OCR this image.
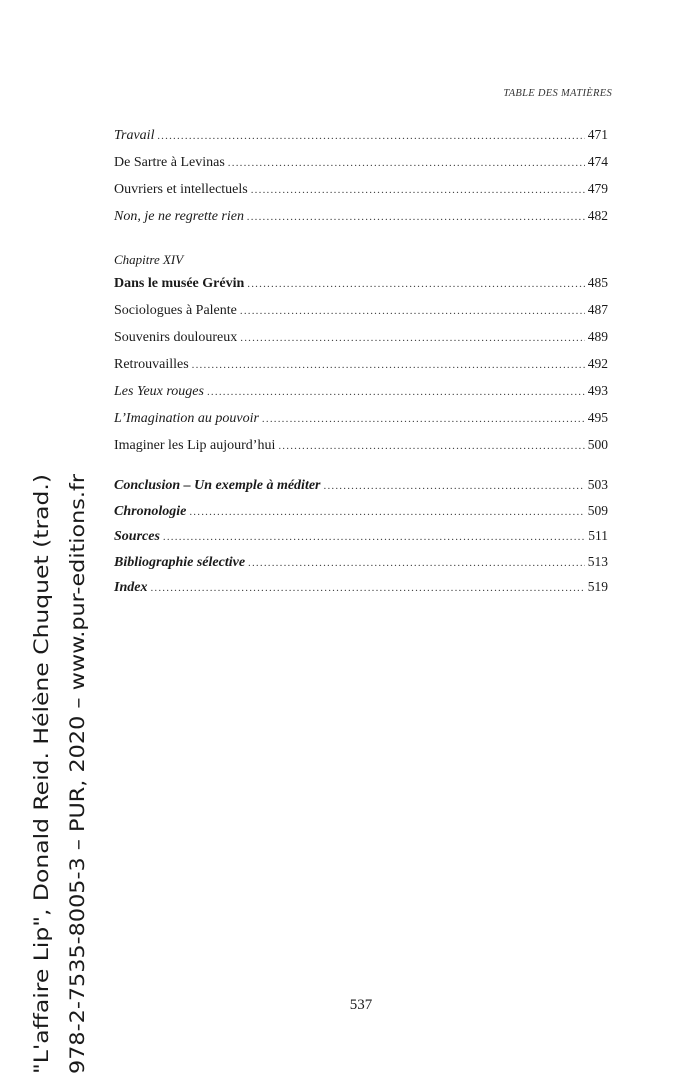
TABLE DES MATIÈRES
Travail .....	471
De Sartre à Levinas .....	474
Ouvriers et intellectuels .....	479
Non, je ne regrette rien .....	482
Chapitre XIV
Dans le musée Grévin .....	485
Sociologues à Palente .....	487
Souvenirs douloureux .....	489
Retrouvailles .....	492
Les Yeux rouges .....	493
L’Imagination au pouvoir .....	495
Imaginer les Lip aujourd’hui .....	500
Conclusion – Un exemple à méditer .....	503
Chronologie .....	509
Sources .....	511
Bibliographie sélective .....	513
Index .....	519
"L'affaire Lip", Donald Reid. Hélène Chuquet (trad.) 978-2-7535-8005-3 – PUR, 2020 – www.pur-editions.fr	537
